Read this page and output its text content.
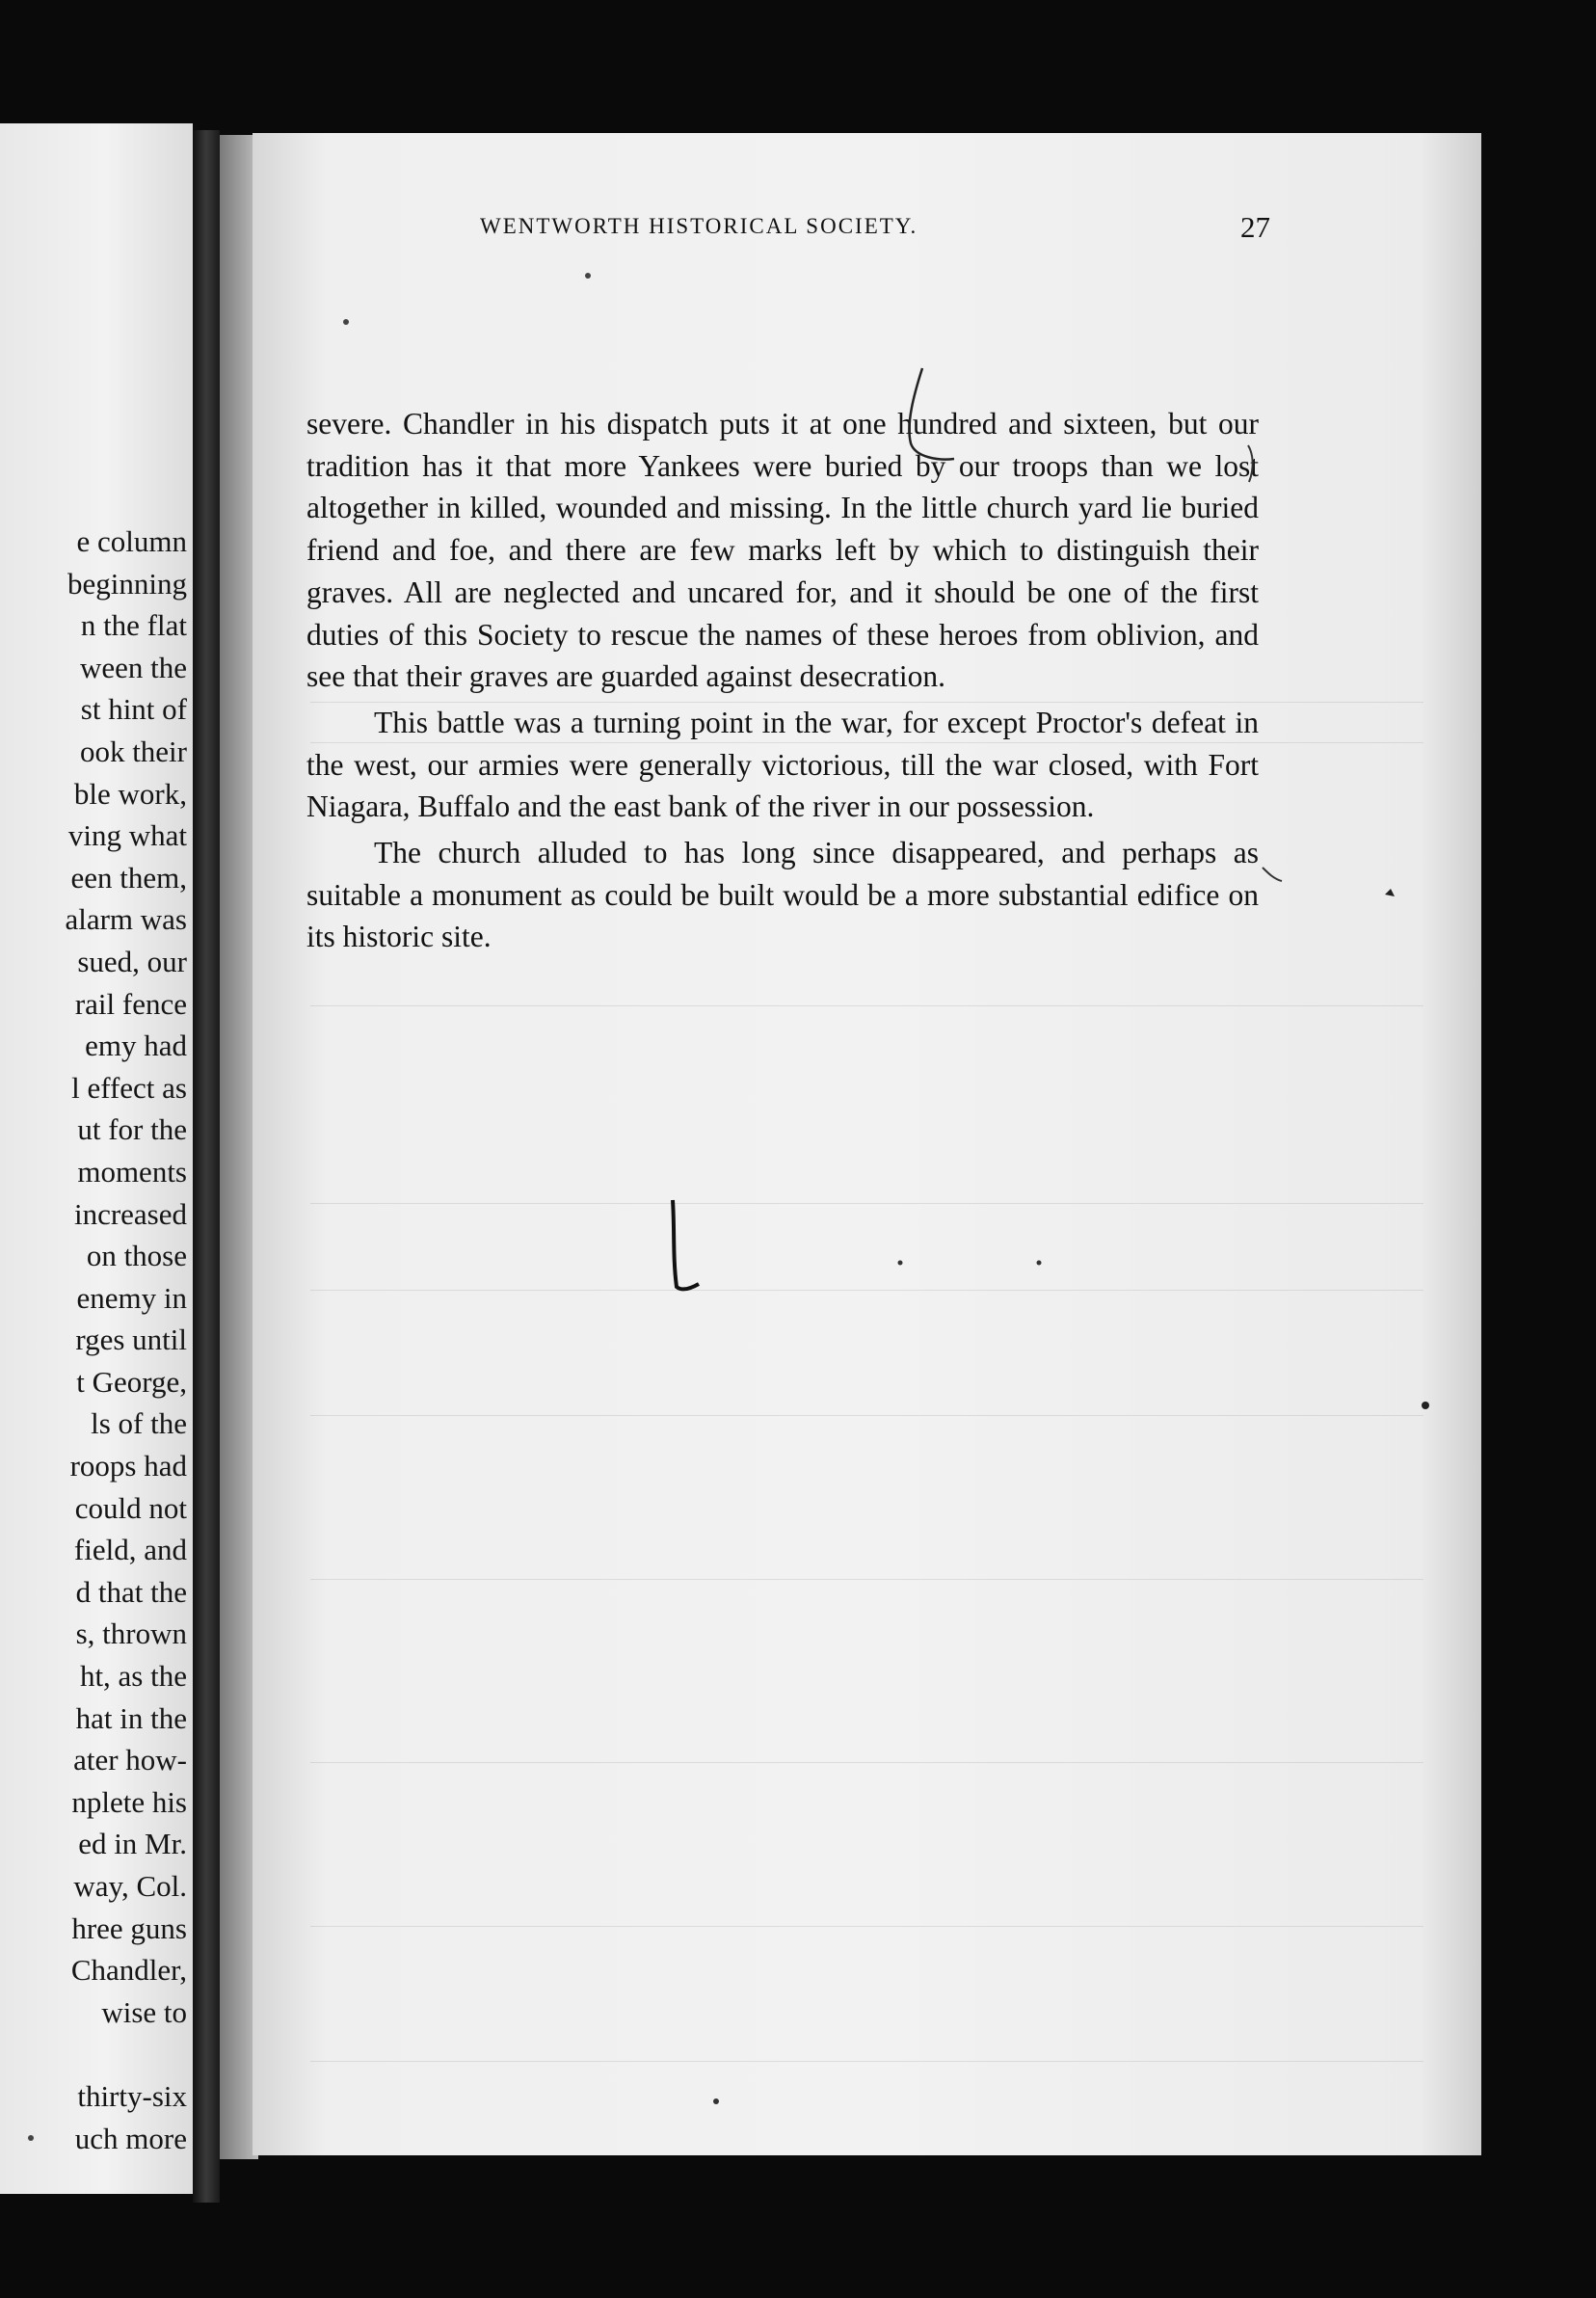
e column
beginning
n the flat
ween the
st hint of
ook their
ble work,
ving what
een them,
alarm was
sued, our
rail fence
emy had
l effect as
ut for the
moments
increased
on those
enemy in
rges until
t George,
ls of the
roops had
could not
field, and
d that the
s, thrown
ht, as the
hat in the
ater how-
nplete his
ed in Mr.
way, Col.
hree guns
Chandler,
wise to
thirty-six
uch more
WENTWORTH HISTORICAL SOCIETY.	27

severe. Chandler in his dispatch puts it at one hundred and sixteen, but our tradition has it that more Yankees were buried by our troops than we lost altogether in killed, wounded and missing. In the little church yard lie buried friend and foe, and there are few marks left by which to distinguish their graves. All are neglected and uncared for, and it should be one of the first duties of this Society to rescue the names of these heroes from oblivion, and see that their graves are guarded against desecration.

This battle was a turning point in the war, for except Proctor's defeat in the west, our armies were generally victorious, till the war closed, with Fort Niagara, Buffalo and the east bank of the river in our possession.

The church alluded to has long since disappeared, and perhaps as suitable a monument as could be built would be a more substantial edifice on its historic site.
